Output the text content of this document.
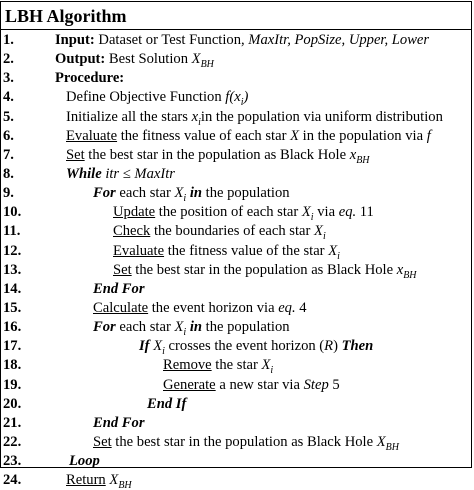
LBH Algorithm
1.	Input: Dataset or Test Function, MaxItr, PopSize, Upper, Lower
2.	Output: Best Solution $X_{BH}$
3.	Procedure:
4.	Define Objective Function $f(x_i)$
5.	Initialize all the stars $x_iin$ the population via uniform distribution
6.	Evaluate the fitness value of each star X in the population via f
7.	Set the best star in the population as Black Hole $x_{BH}$
8.	While itr ≤ MaxItr
9.	For each star $X_i$ in the population
10.	Update the position of each star $X_i$ via eq. 11
11.	Check the boundaries of each star $X_i$
12.	Evaluate the fitness value of the star $X_i$
13.	Set the best star in the population as Black Hole $x_{BH}$
14.	End For
15.	Calculate the event horizon via eq. 4
16.	For each star $X_i$ in the population
17.	If $X_i$ crosses the event horizon (R) Then
18.	Remove the star $X_i$
19.	Generate a new star via Step 5
20.	End If
21.	End For
22.	Set the best star in the population as Black Hole $X_{BH}$
23.	Loop
24.	Return $X_{BH}$
